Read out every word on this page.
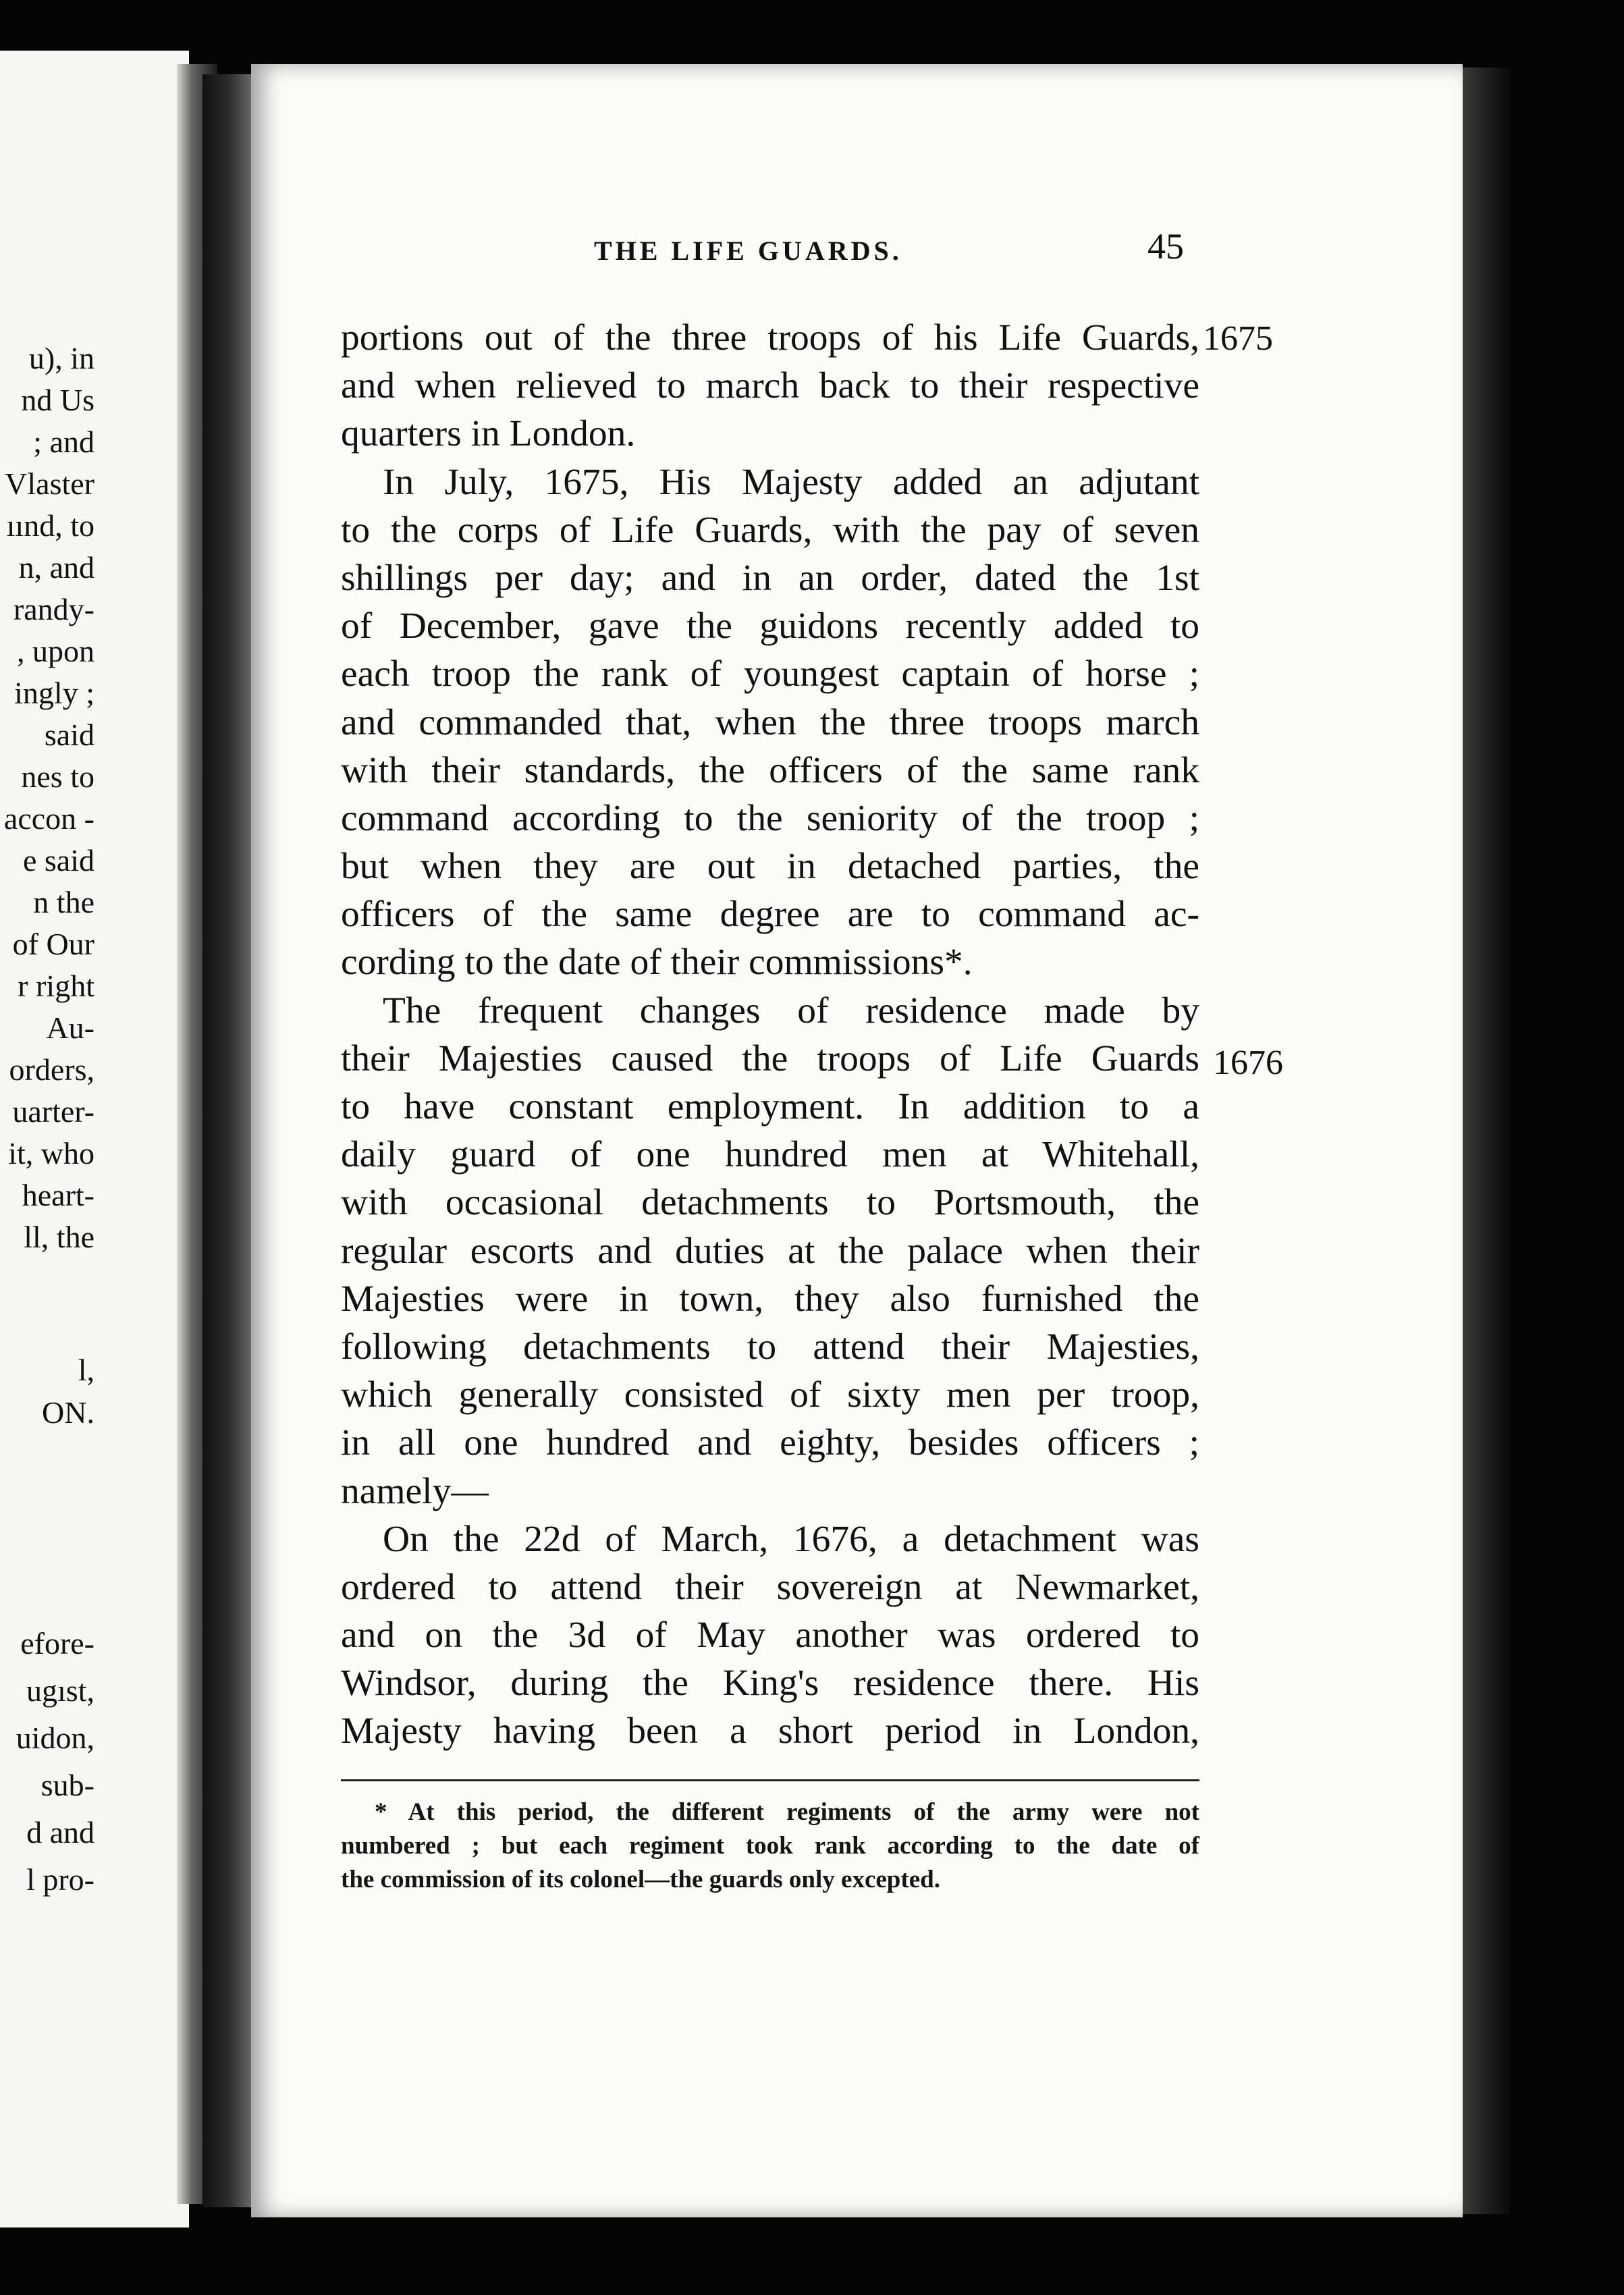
u), in
nd Us
; and
Vlaster
ıınd, to
n, and
randy-
, upon
ingly ;
said
nes to
accon -
e said
n the
of Our
r right
Au-
orders,
uarter-
it, who
heart-
ll, the
l,
ON.
efore-
ugıst,
uidon,
sub-
d and
l pro-
THE LIFE GUARDS.	45
1675
1676
portions out of the three troops of his Life Guards,
and when relieved to march back to their respective
quarters in London.
In July, 1675, His Majesty added an adjutant
to the corps of Life Guards, with the pay of seven
shillings per day; and in an order, dated the 1st
of December, gave the guidons recently added to
each troop the rank of youngest captain of horse ;
and commanded that, when the three troops march
with their standards, the officers of the same rank
command according to the seniority of the troop ;
but when they are out in detached parties, the
officers of the same degree are to command ac-
cording to the date of their commissions*.
The frequent changes of residence made by
their Majesties caused the troops of Life Guards
to have constant employment. In addition to a
daily guard of one hundred men at Whitehall,
with occasional detachments to Portsmouth, the
regular escorts and duties at the palace when their
Majesties were in town, they also furnished the
following detachments to attend their Majesties,
which generally consisted of sixty men per troop,
in all one hundred and eighty, besides officers ;
namely—
On the 22d of March, 1676, a detachment was
ordered to attend their sovereign at Newmarket,
and on the 3d of May another was ordered to
Windsor, during the King's residence there. His
Majesty having been a short period in London,
* At this period, the different regiments of the army were not
numbered ; but each regiment took rank according to the date of
the commission of its colonel—the guards only excepted.
